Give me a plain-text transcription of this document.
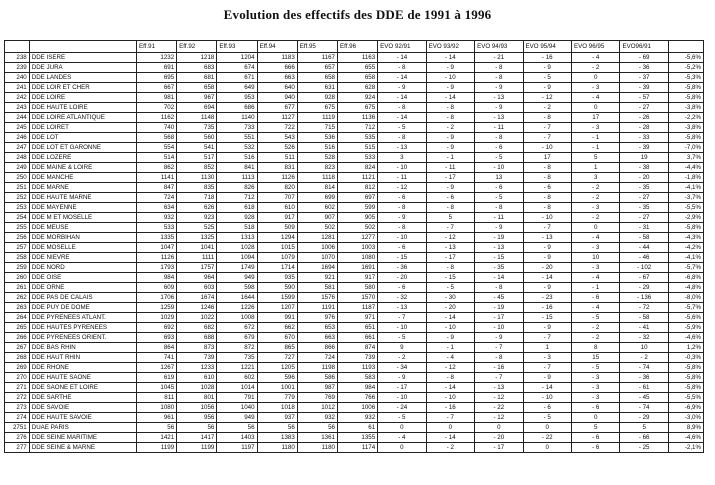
Evolution des effectifs des DDE de 1991 à 1996
		Eff.91	Eff.92	Eff.93	Eff.94	Eff.95	Eff.96	EVO 92/91	EVO 93/92	EVO 94/93	EVO 95/94	EVO 96/95	EVO96/91	
238	DDE ISERE	1232	1218	1204	1183	1167	1163	- 14	- 14	- 21	- 16	- 4	- 69	-5,6%
239	DDE JURA	691	683	674	666	657	655	- 8	- 9	- 8	- 9	- 2	- 36	-5,2%
240	DDE LANDES	695	681	671	663	658	658	- 14	- 10	- 8	- 5	0	- 37	-5,3%
241	DDE LOIR ET CHER	667	658	649	640	631	628	- 9	- 9	- 9	- 9	- 3	- 39	-5,8%
242	DDE LOIRE	981	967	953	940	928	924	- 14	- 14	- 13	- 12	- 4	- 57	-5,8%
243	DDE HAUTE LOIRE	702	694	686	677	675	675	- 8	- 8	- 9	- 2	0	- 27	-3,8%
244	DDE LOIRE ATLANTIQUE	1162	1148	1140	1127	1119	1136	- 14	- 8	- 13	- 8	17	- 26	-2,2%
245	DDE LOIRET	740	735	733	722	715	712	- 5	- 2	- 11	- 7	- 3	- 28	-3,8%
246	DDE LOT	568	560	551	543	536	535	- 8	- 9	- 8	- 7	- 1	- 33	-5,8%
247	DDE LOT ET GARONNE	554	541	532	526	516	515	- 13	- 9	- 6	- 10	- 1	- 39	-7,0%
248	DDE LOZERE	514	517	516	511	528	533	3	- 1	- 5	17	5	19	3,7%
249	DDE MAINE & LOIRE	862	852	841	831	823	824	- 10	- 11	- 10	- 8	1	- 38	-4,4%
250	DDE MANCHE	1141	1130	1113	1126	1118	1121	- 11	- 17	13	- 8	3	- 20	-1,8%
251	DDE MARNE	847	835	826	820	814	812	- 12	- 9	- 6	- 6	- 2	- 35	-4,1%
252	DDE HAUTE MARNE	724	718	712	707	699	697	- 6	- 6	- 5	- 8	- 2	- 27	-3,7%
253	DDE MAYENNE	634	626	618	610	602	599	- 8	- 8	- 8	- 8	- 3	- 35	-5,5%
254	DDE M ET MOSELLE	932	923	928	917	907	905	- 9	5	- 11	- 10	- 2	- 27	-2,9%
255	DDE MEUSE	533	525	518	509	502	502	- 8	- 7	- 9	- 7	0	- 31	-5,8%
256	DDE MORBIHAN	1335	1325	1313	1294	1281	1277	- 10	- 12	- 19	- 13	- 4	- 58	-4,3%
257	DDE MOSELLE	1047	1041	1028	1015	1006	1003	- 6	- 13	- 13	- 9	- 3	- 44	-4,2%
258	DDE NIEVRE	1126	1111	1094	1079	1070	1080	- 15	- 17	- 15	- 9	10	- 46	-4,1%
259	DDE NORD	1793	1757	1749	1714	1694	1691	- 36	- 8	- 35	- 20	- 3	- 102	-5,7%
260	DDE OISE	984	964	949	935	921	917	- 20	- 15	- 14	- 14	- 4	- 67	-6,8%
261	DDE ORNE	609	603	598	590	581	580	- 6	- 5	- 8	- 9	- 1	- 29	-4,8%
262	DDE PAS DE CALAIS	1706	1674	1644	1599	1576	1570	- 32	- 30	- 45	- 23	- 6	- 136	-8,0%
263	DDE PUY DE DOME	1259	1246	1226	1207	1191	1187	- 13	- 20	- 19	- 16	- 4	- 72	-5,7%
264	DDE PYRENEES ATLANT.	1029	1022	1008	991	976	971	- 7	- 14	- 17	- 15	- 5	- 58	-5,6%
265	DDE HAUTES PYRENEES	692	682	672	662	653	651	- 10	- 10	- 10	- 9	- 2	- 41	-5,9%
266	DDE PYRENEES ORIENT.	693	688	679	670	663	661	- 5	- 9	- 9	- 7	- 2	- 32	-4,6%
267	DDE BAS RHIN	864	873	872	865	866	874	9	- 1	- 7	1	8	10	1,2%
268	DDE HAUT RHIN	741	739	735	727	724	739	- 2	- 4	- 8	- 3	15	- 2	-0,3%
269	DDE RHONE	1267	1233	1221	1205	1198	1193	- 34	- 12	- 16	- 7	- 5	- 74	-5,8%
270	DDE HAUTE SAONE	619	610	602	596	586	583	- 9	- 8	- 7	- 9	- 3	- 36	-5,8%
271	DDE SAONE ET LOIRE	1045	1028	1014	1001	987	984	- 17	- 14	- 13	- 14	- 3	- 61	-5,8%
272	DDE SARTHE	811	801	791	779	769	766	- 10	- 10	- 12	- 10	- 3	- 45	-5,5%
273	DDE SAVOIE	1080	1056	1040	1018	1012	1006	- 24	- 16	- 22	- 6	- 6	- 74	-6,9%
274	DDE HAUTE SAVOIE	961	956	949	937	932	932	- 5	- 7	- 12	- 5	0	- 29	-3,0%
2751	DUAE PARIS	56	56	56	56	56	61	0	0	0	0	5	5	8,9%
276	DDE SEINE MARITIME	1421	1417	1403	1383	1361	1355	- 4	- 14	- 20	- 22	- 6	- 66	-4,6%
277	DDE SEINE & MARNE	1199	1199	1197	1180	1180	1174	0	- 2	- 17	0	- 6	- 25	-2,1%
